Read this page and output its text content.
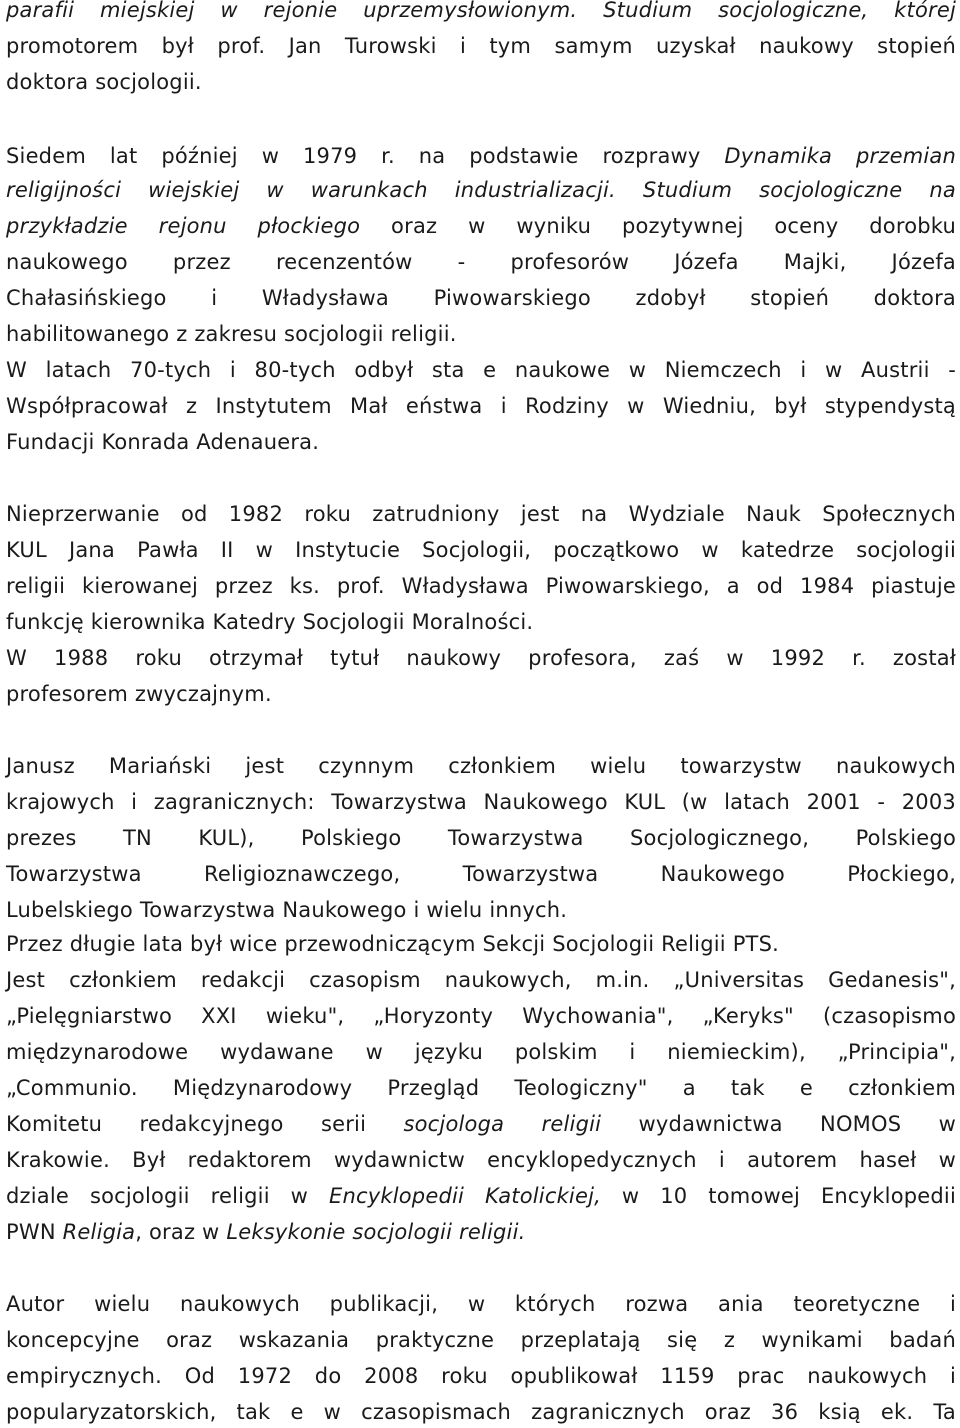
parafii miejskiej w rejonie uprzemysłowionym. Studium socjologiczne, której
promotorem był prof. Jan Turowski i tym samym uzyskał naukowy stopień
doktora socjologii.
Siedem lat później w 1979 r. na podstawie rozprawy Dynamika przemian
religijności wiejskiej w warunkach industrializacji. Studium socjologiczne na
przykładzie rejonu płockiego oraz w wyniku pozytywnej oceny dorobku
naukowego przez recenzentów - profesorów Józefa Majki, Józefa
Chałasińskiego i Władysława Piwowarskiego zdobył stopień doktora
habilitowanego z zakresu socjologii religii.
W latach 70-tych i 80-tych odbył sta e naukowe w Niemczech i w Austrii -
Współpracował z Instytutem Mał eństwa i Rodziny w Wiedniu, był stypendystą
Fundacji Konrada Adenauera.
Nieprzerwanie od 1982 roku zatrudniony jest na Wydziale Nauk Społecznych
KUL Jana Pawła II w Instytucie Socjologii, początkowo w katedrze socjologii
religii kierowanej przez ks. prof. Władysława Piwowarskiego, a od 1984 piastuje
funkcję kierownika Katedry Socjologii Moralności.
W 1988 roku otrzymał tytuł naukowy profesora, zaś w 1992 r. został
profesorem zwyczajnym.
Janusz Mariański jest czynnym członkiem wielu towarzystw naukowych
krajowych i zagranicznych: Towarzystwa Naukowego KUL (w latach 2001 - 2003
prezes TN KUL), Polskiego Towarzystwa Socjologicznego, Polskiego
Towarzystwa Religioznawczego, Towarzystwa Naukowego Płockiego,
Lubelskiego Towarzystwa Naukowego i wielu innych.
Przez długie lata był wice przewodniczącym Sekcji Socjologii Religii PTS.
Jest członkiem redakcji czasopism naukowych, m.in. „Universitas Gedanesis",
„Pielęgniarstwo XXI wieku", „Horyzonty Wychowania", „Keryks" (czasopismo
międzynarodowe wydawane w języku polskim i niemieckim), „Principia",
„Communio. Międzynarodowy Przegląd Teologiczny" a tak e członkiem
Komitetu redakcyjnego serii socjologa religii wydawnictwa NOMOS w
Krakowie. Był redaktorem wydawnictw encyklopedycznych i autorem haseł w
dziale socjologii religii w Encyklopedii Katolickiej, w 10 tomowej Encyklopedii
PWN Religia, oraz w Leksykonie socjologii religii.
Autor wielu naukowych publikacji, w których rozwa ania teoretyczne i
koncepcyjne oraz wskazania praktyczne przeplatają się z wynikami badań
empirycznych. Od 1972 do 2008 roku opublikował 1159 prac naukowych i
popularyzatorskich, tak e w czasopismach zagranicznych oraz 36 ksią ek. Ta
